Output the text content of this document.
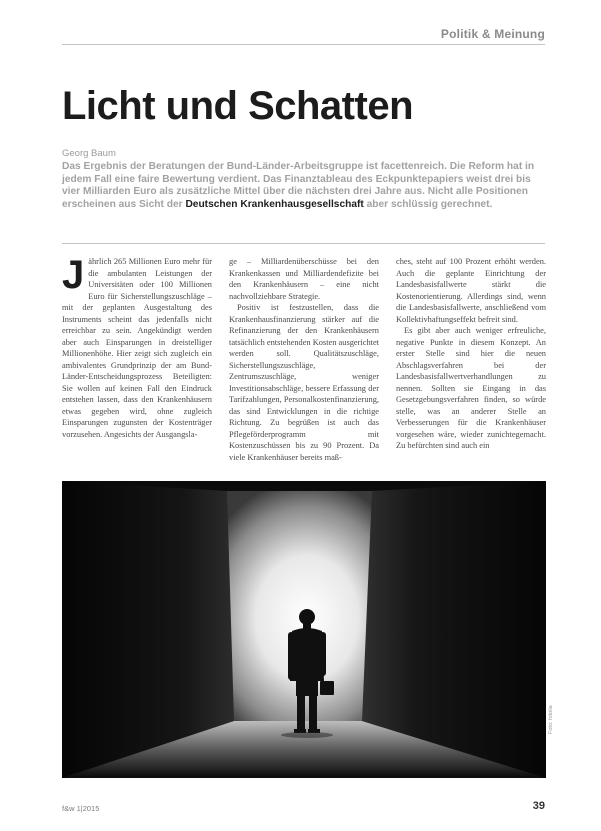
Politik & Meinung
Licht und Schatten
Georg Baum

Das Ergebnis der Beratungen der Bund-Länder-Arbeitsgruppe ist facettenreich. Die Reform hat in jedem Fall eine faire Bewertung verdient. Das Finanztableau des Eckpunktepapiers weist drei bis vier Milliarden Euro als zusätzliche Mittel über die nächsten drei Jahre aus. Nicht alle Positionen erscheinen aus Sicht der Deutschen Krankenhausgesellschaft aber schlüssig gerechnet.

Jährlich 265 Millionen Euro mehr für die ambulanten Leistungen der Universitäten oder 100 Millionen Euro für Sicherstellungszuschläge – mit der geplanten Ausgestaltung des Instruments scheint das jedenfalls nicht erreichbar zu sein. Angekündigt werden aber auch Einsparungen in dreistelliger Millionenhöhe. Hier zeigt sich zugleich ein ambivalentes Grundprinzip der am Bund-Länder-Entscheidungsprozess Beteiligten: Sie wollen auf keinen Fall den Eindruck entstehen lassen, dass den Krankenhäusern etwas gegeben wird, ohne zugleich Einsparungen zugunsten der Kostenträger vorzusehen. Angesichts der Ausgangsla-

ge – Milliardenüberschüsse bei den Krankenkassen und Milliardendefizite bei den Krankenhäusern – eine nicht nachvollziehbare Strategie.

Positiv ist festzustellen, dass die Krankenhausfinanzierung stärker auf die Refinanzierung der den Krankenhäusern tatsächlich entstehenden Kosten ausgerichtet werden soll. Qualitätszuschläge, Sicherstellungszuschläge, Zentrumszuschläge, weniger Investitionsabschläge, bessere Erfassung der Tarifzahlungen, Personalkostenfinanzierung, das sind Entwicklungen in die richtige Richtung. Zu begrüßen ist auch das Pflegeförderprogramm mit Kostenzuschüssen bis zu 90 Prozent. Da viele Krankenhäuser bereits maß-

ches, steht auf 100 Prozent erhöht werden. Auch die geplante Einrichtung der Landesbasisfallwerte stärkt die Kostenorientierung. Allerdings sind, wenn die Landesbasisfallwerte, anschließend vom Kollektivhaftungseffekt befreit sind.

Es gibt aber auch weniger erfreuliche, negative Punkte in diesem Konzept. An erster Stelle sind hier die neuen Abschlagsverfahren bei der Landesbasisfallwertverhandlungen zu nennen. Sollten sie Eingang in das Gesetzgebungsverfahren finden, so würde stelle, was an anderer Stelle an Verbesserungen für die Krankenhäuser vorgesehen wäre, wieder zunichtegemacht. Zu befürchten sind auch ein

Foto: fotolia
f&w 1|2015	39
